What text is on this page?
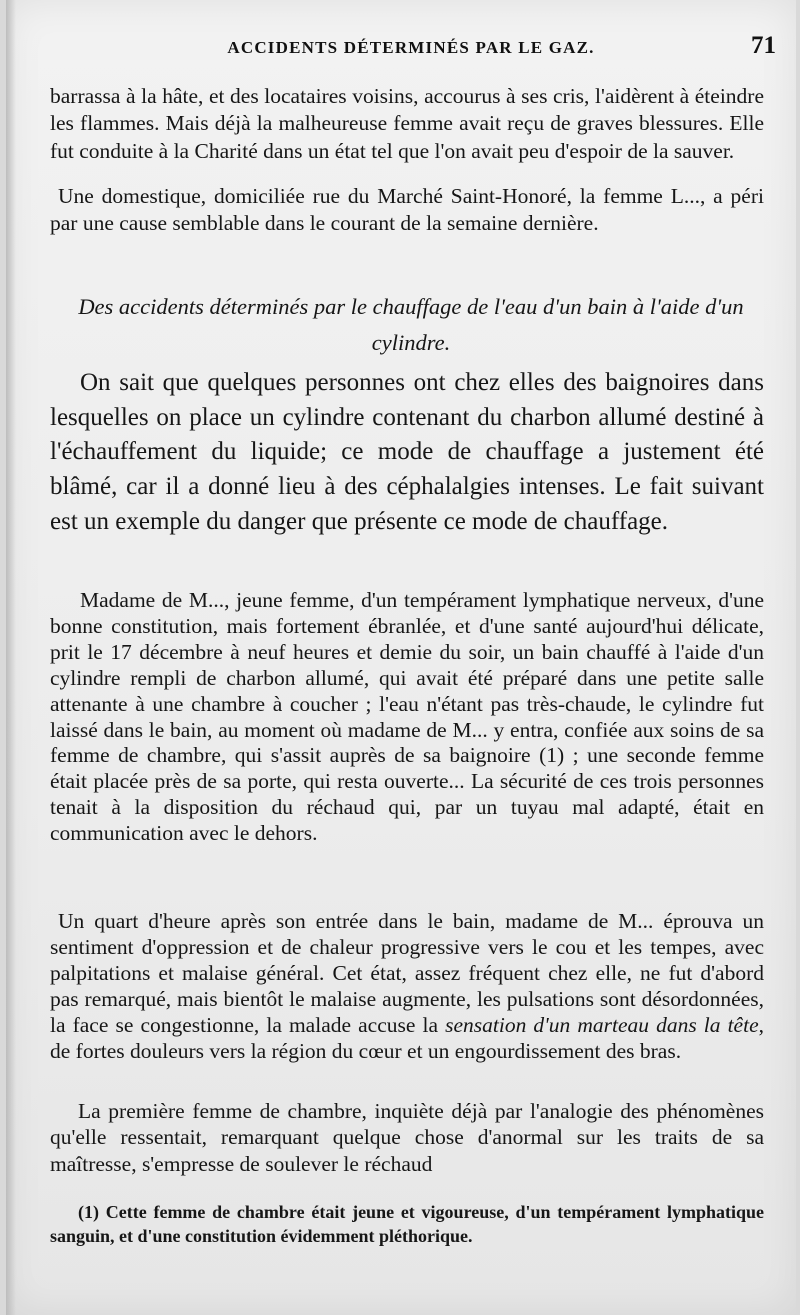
ACCIDENTS DÉTERMINÉS PAR LE GAZ.	71

barrassa à la hâte, et des locataires voisins, accourus à ses cris, l'aidèrent à éteindre les flammes. Mais déjà la malheureuse femme avait reçu de graves blessures. Elle fut conduite à la Charité dans un état tel que l'on avait peu d'espoir de la sauver.

Une domestique, domiciliée rue du Marché Saint-Honoré, la femme L..., a péri par une cause semblable dans le courant de la semaine dernière.

Des accidents déterminés par le chauffage de l'eau d'un bain à l'aide d'un cylindre.

On sait que quelques personnes ont chez elles des baignoires dans lesquelles on place un cylindre contenant du charbon allumé destiné à l'échauffement du liquide; ce mode de chauffage a justement été blâmé, car il a donné lieu à des céphalalgies intenses. Le fait suivant est un exemple du danger que présente ce mode de chauffage.

Madame de M..., jeune femme, d'un tempérament lymphatique nerveux, d'une bonne constitution, mais fortement ébranlée, et d'une santé aujourd'hui délicate, prit le 17 décembre à neuf heures et demie du soir, un bain chauffé à l'aide d'un cylindre rempli de charbon allumé, qui avait été préparé dans une petite salle attenante à une chambre à coucher ; l'eau n'étant pas très-chaude, le cylindre fut laissé dans le bain, au moment où madame de M... y entra, confiée aux soins de sa femme de chambre, qui s'assit auprès de sa baignoire (1) ; une seconde femme était placée près de sa porte, qui resta ouverte... La sécurité de ces trois personnes tenait à la disposition du réchaud qui, par un tuyau mal adapté, était en communication avec le dehors.

Un quart d'heure après son entrée dans le bain, madame de M... éprouva un sentiment d'oppression et de chaleur progressive vers le cou et les tempes, avec palpitations et malaise général. Cet état, assez fréquent chez elle, ne fut d'abord pas remarqué, mais bientôt le malaise augmente, les pulsations sont désordonnées, la face se congestionne, la malade accuse la sensation d'un marteau dans la tête, de fortes douleurs vers la région du cœur et un engourdissement des bras.

La première femme de chambre, inquiète déjà par l'analogie des phénomènes qu'elle ressentait, remarquant quelque chose d'anormal sur les traits de sa maîtresse, s'empresse de soulever le réchaud

(1) Cette femme de chambre était jeune et vigoureuse, d'un tempérament lymphatique sanguin, et d'une constitution évidemment pléthorique.
